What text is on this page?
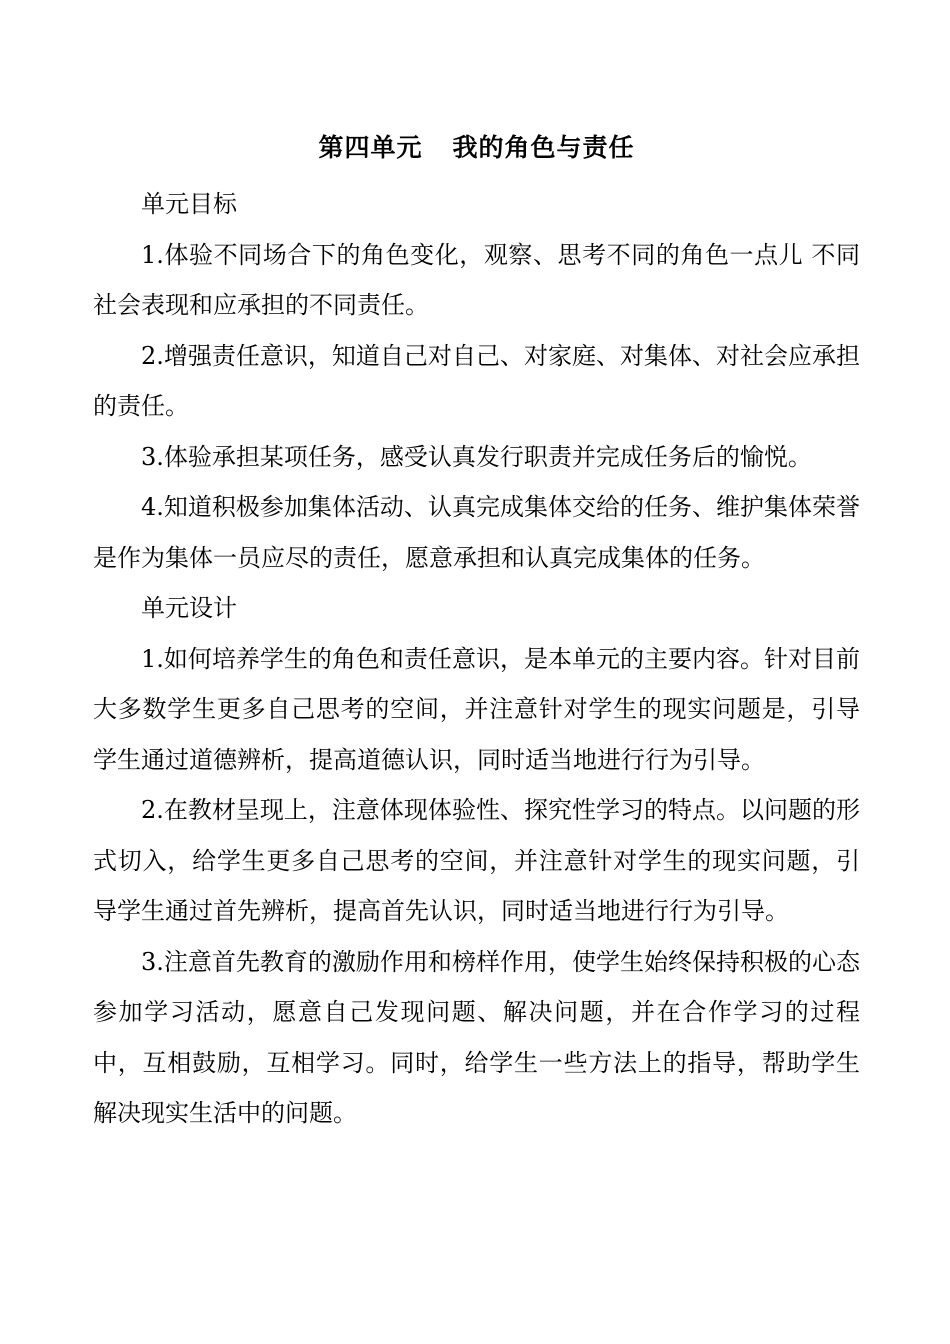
第四单元 我的角色与责任

单元目标

1.体验不同场合下的角色变化，观察、思考不同的角色一点儿 不同社会表现和应承担的不同责任。

2.增强责任意识，知道自己对自己、对家庭、对集体、对社会应承担的责任。

3.体验承担某项任务，感受认真发行职责并完成任务后的愉悦。

4.知道积极参加集体活动、认真完成集体交给的任务、维护集体荣誉是作为集体一员应尽的责任，愿意承担和认真完成集体的任务。

单元设计

1.如何培养学生的角色和责任意识，是本单元的主要内容。针对目前大多数学生更多自己思考的空间，并注意针对学生的现实问题是，引导学生通过道德辨析，提高道德认识，同时适当地进行行为引导。

2.在教材呈现上，注意体现体验性、探究性学习的特点。以问题的形式切入，给学生更多自己思考的空间，并注意针对学生的现实问题，引导学生通过首先辨析，提高首先认识，同时适当地进行行为引导。

3.注意首先教育的激励作用和榜样作用，使学生始终保持积极的心态参加学习活动，愿意自己发现问题、解决问题，并在合作学习的过程中，互相鼓励，互相学习。同时，给学生一些方法上的指导，帮助学生解决现实生活中的问题。
